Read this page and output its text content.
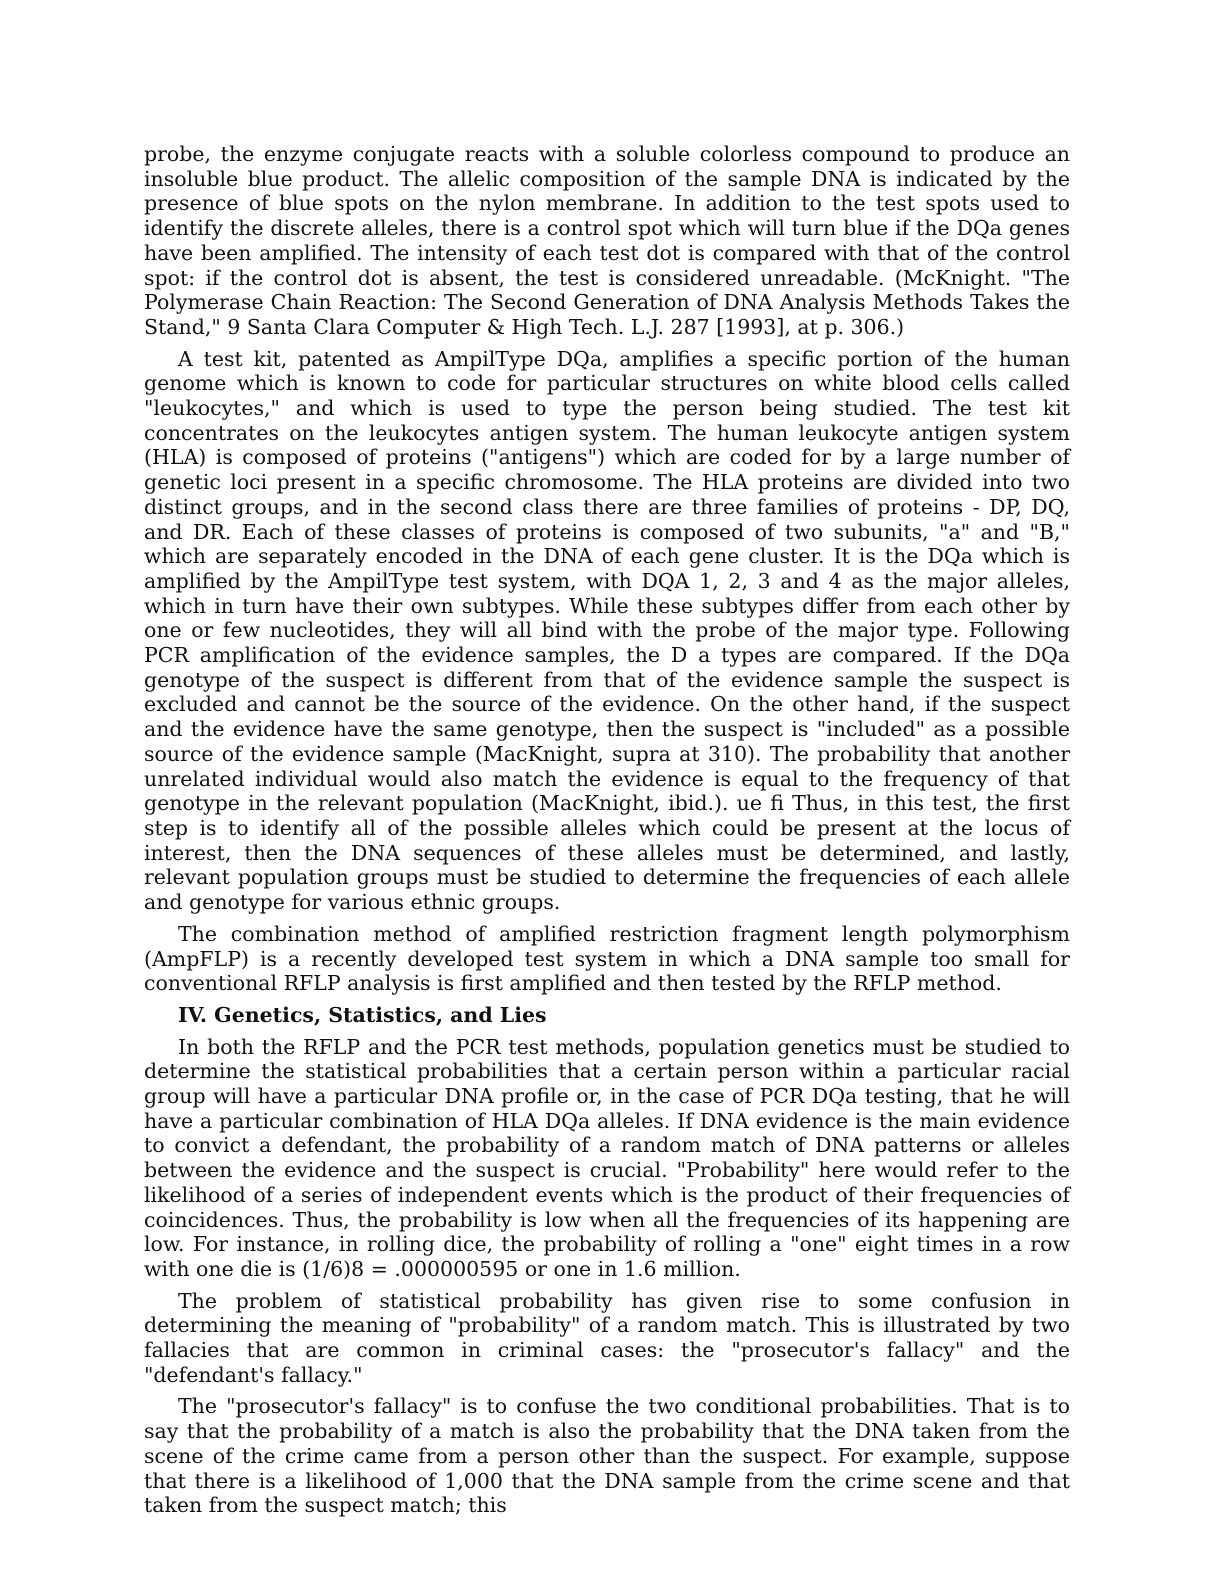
probe, the enzyme conjugate reacts with a soluble colorless compound to produce an insoluble blue product. The allelic composition of the sample DNA is indicated by the presence of blue spots on the nylon membrane. In addition to the test spots used to identify the discrete alleles, there is a control spot which will turn blue if the DQa genes have been amplified. The intensity of each test dot is compared with that of the control spot: if the control dot is absent, the test is considered unreadable. (McKnight. "The Polymerase Chain Reaction: The Second Generation of DNA Analysis Methods Takes the Stand," 9 Santa Clara Computer & High Tech. L.J. 287 [1993], at p. 306.)

A test kit, patented as AmpilType DQa, amplifies a specific portion of the human genome which is known to code for particular structures on white blood cells called "leukocytes," and which is used to type the person being studied. The test kit concentrates on the leukocytes antigen system. The human leukocyte antigen system (HLA) is composed of proteins ("antigens") which are coded for by a large number of genetic loci present in a specific chromosome. The HLA proteins are divided into two distinct groups, and in the second class there are three families of proteins - DP, DQ, and DR. Each of these classes of proteins is composed of two subunits, "a" and "B," which are separately encoded in the DNA of each gene cluster. It is the DQa which is amplified by the AmpilType test system, with DQA 1, 2, 3 and 4 as the major alleles, which in turn have their own subtypes. While these subtypes differ from each other by one or few nucleotides, they will all bind with the probe of the major type. Following PCR amplification of the evidence samples, the D a types are compared. If the DQa genotype of the suspect is different from that of the evidence sample the suspect is excluded and cannot be the source of the evidence. On the other hand, if the suspect and the evidence have the same genotype, then the suspect is "included" as a possible source of the evidence sample (MacKnight, supra at 310). The probability that another unrelated individual would also match the evidence is equal to the frequency of that genotype in the relevant population (MacKnight, ibid.). ue fi Thus, in this test, the first step is to identify all of the possible alleles which could be present at the locus of interest, then the DNA sequences of these alleles must be determined, and lastly, relevant population groups must be studied to determine the frequencies of each allele and genotype for various ethnic groups.

The combination method of amplified restriction fragment length polymorphism (AmpFLP) is a recently developed test system in which a DNA sample too small for conventional RFLP analysis is first amplified and then tested by the RFLP method.

IV. Genetics, Statistics, and Lies

In both the RFLP and the PCR test methods, population genetics must be studied to determine the statistical probabilities that a certain person within a particular racial group will have a particular DNA profile or, in the case of PCR DQa testing, that he will have a particular combination of HLA DQa alleles. If DNA evidence is the main evidence to convict a defendant, the probability of a random match of DNA patterns or alleles between the evidence and the suspect is crucial. "Probability" here would refer to the likelihood of a series of independent events which is the product of their frequencies of coincidences. Thus, the probability is low when all the frequencies of its happening are low. For instance, in rolling dice, the probability of rolling a "one" eight times in a row with one die is (1/6)8 = .000000595 or one in 1.6 million.

The problem of statistical probability has given rise to some confusion in determining the meaning of "probability" of a random match. This is illustrated by two fallacies that are common in criminal cases: the "prosecutor's fallacy" and the "defendant's fallacy."

The "prosecutor's fallacy" is to confuse the two conditional probabilities. That is to say that the probability of a match is also the probability that the DNA taken from the scene of the crime came from a person other than the suspect. For example, suppose that there is a likelihood of 1,000 that the DNA sample from the crime scene and that taken from the suspect match; this
